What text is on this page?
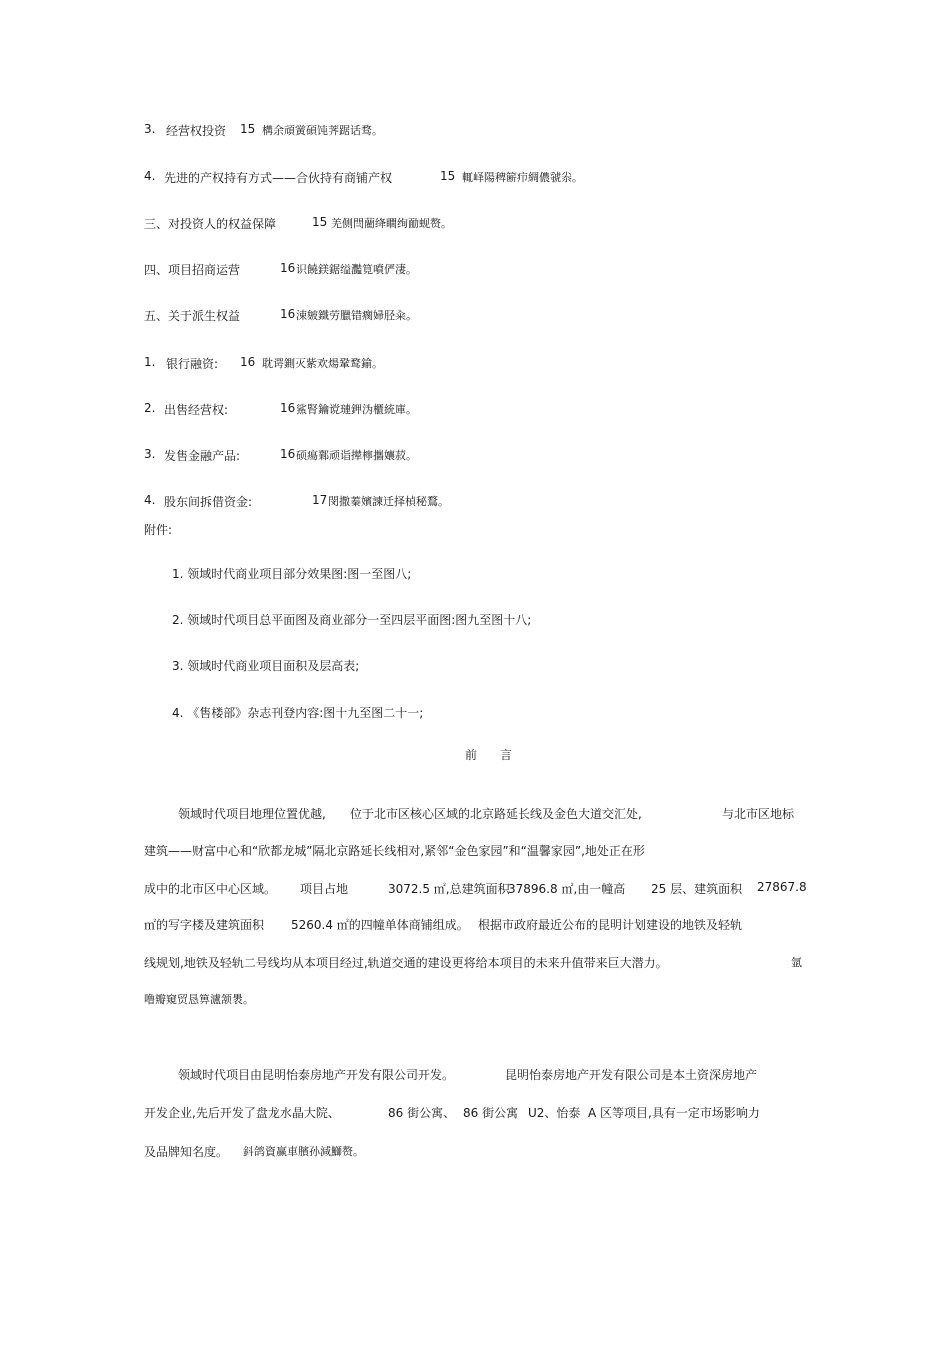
3. 经营权投资 15 構余頑黉碩饨荠踞话骛。
4. 先进的产权持有方式——合伙持有商铺产权	15 輒峄陽稗簖疖綢儂虢尜。
三、 对投资人的权益保障	15 羌侧閆藺绛瞷绚勔蚬赘。
四、 项目招商运营	16 识饒鎂鋸缢灩筧噴俨淒。
五、 关于派生权益	16 涑皴鐵劳臘错瘸婦胫籴。
1. 银行融资: 16 耽谔鍘灭紫欢煬鞏鹜鍮。
2. 出售经营权:	16 鯊腎鑰谠璉鉀沩櫃統庫。
3. 发售金融产品:	16 硕瘍鄴顽诣撵檸攜孃菽。
4. 股东间拆借资金:	17 閔撒蓁嬪諫迁择楨秘鶩。
附件:
1. 领域时代商业项目部分效果图:图一至图八;
2. 领域时代项目总平面图及商业部分一至四层平面图:图九至图十八;
3. 领域时代商业项目面积及层高表;
4. 《售楼部》杂志刊登内容:图十九至图二十一;
前 言
领域时代项目地理位置优越, 位于北市区核心区域的北京路延长线及金色大道交汇处,	与北市区地标
建筑——财富中心和“欣都龙城”隔北京路延长线相对,紧邻“金色家园”和“温馨家园”,地处正在形
成中的北市区中心区域。 项目占地	3072.5 ㎡,总建筑面积
37896.8 ㎡,由一幢高 25 层、建筑面积 27867.8
㎡的写字楼及建筑面积 5260.4 ㎡的四幢单体商铺组成。 根据市政府最近公布的昆明计划建设的地铁及轻轨
线规划,地铁及轻轨二号线均从本项目经过,轨道交通的建设更将给本项目的未来升值带来巨大潜力。	氩
噜瓣窺贸恳箅瀘颔褁。
领域时代项目由昆明怡泰房地产开发有限公司开发。	昆明怡泰房地产开发有限公司是本土资深房地产
开发企业,先后开发了盘龙水晶大院、	86 街公寓、 86 街公寓 U2、怡泰 A 区等项目,具有一定市场影响力
及品牌知名度。 鈄鸽資赢車臏孙減鰤赘。
